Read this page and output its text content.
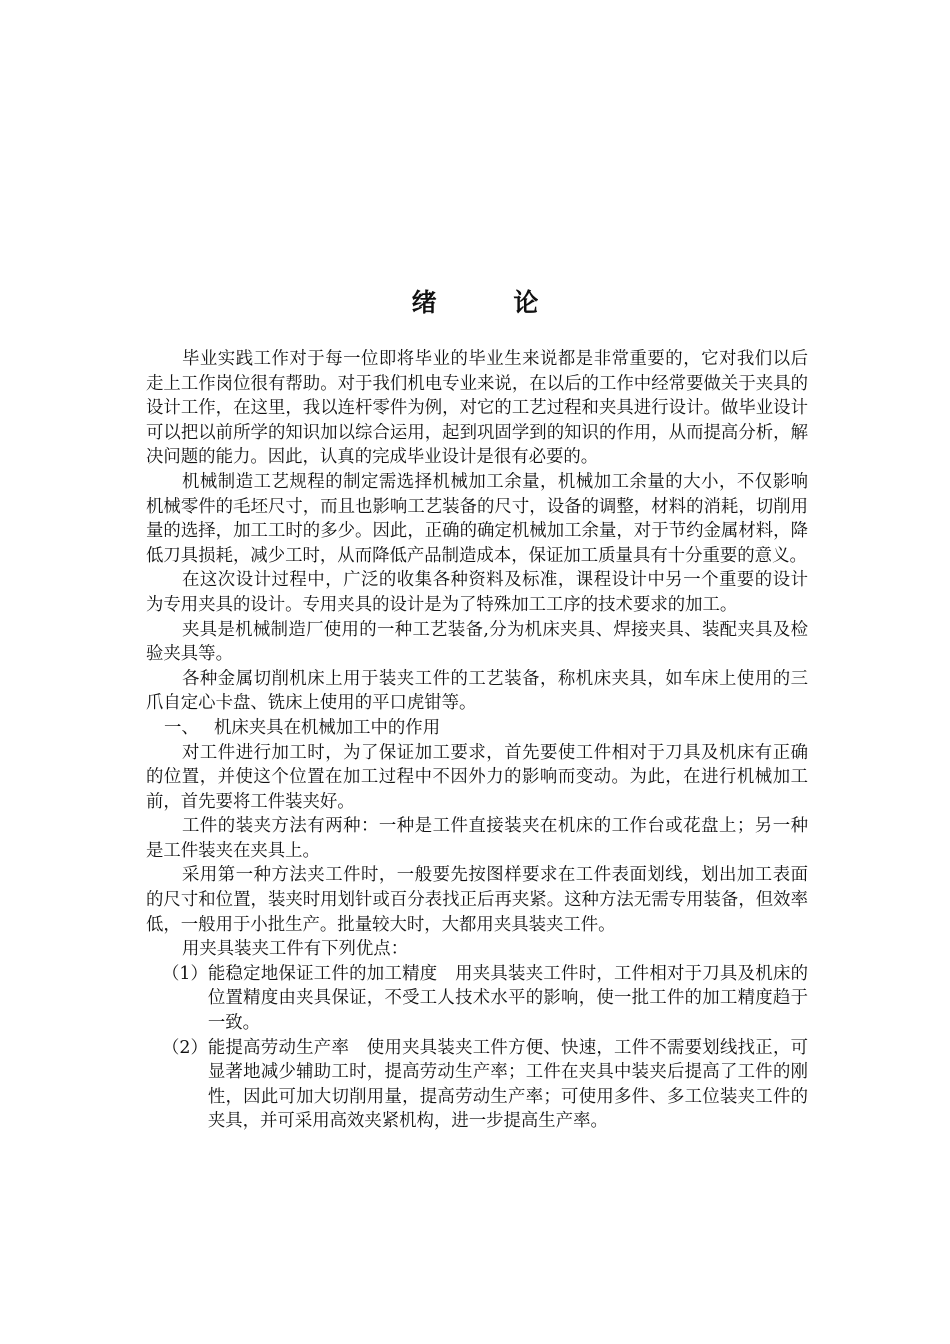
绪 论

毕业实践工作对于每一位即将毕业的毕业生来说都是非常重要的，它对我们以后走上工作岗位很有帮助。对于我们机电专业来说，在以后的工作中经常要做关于夹具的设计工作，在这里，我以连杆零件为例，对它的工艺过程和夹具进行设计。做毕业设计可以把以前所学的知识加以综合运用，起到巩固学到的知识的作用，从而提高分析，解决问题的能力。因此，认真的完成毕业设计是很有必要的。

机械制造工艺规程的制定需选择机械加工余量，机械加工余量的大小，不仅影响机械零件的毛坯尺寸，而且也影响工艺装备的尺寸，设备的调整，材料的消耗，切削用量的选择，加工工时的多少。因此，正确的确定机械加工余量，对于节约金属材料，降低刀具损耗，减少工时，从而降低产品制造成本，保证加工质量具有十分重要的意义。

在这次设计过程中，广泛的收集各种资料及标准，课程设计中另一个重要的设计为专用夹具的设计。专用夹具的设计是为了特殊加工工序的技术要求的加工。

夹具是机械制造厂使用的一种工艺装备,分为机床夹具、焊接夹具、装配夹具及检验夹具等。

各种金属切削机床上用于装夹工件的工艺装备，称机床夹具，如车床上使用的三爪自定心卡盘、铣床上使用的平口虎钳等。

一、 机床夹具在机械加工中的作用

对工件进行加工时，为了保证加工要求，首先要使工件相对于刀具及机床有正确的位置，并使这个位置在加工过程中不因外力的影响而变动。为此，在进行机械加工前，首先要将工件装夹好。

工件的装夹方法有两种：一种是工件直接装夹在机床的工作台或花盘上；另一种是工件装夹在夹具上。

采用第一种方法夹工件时，一般要先按图样要求在工件表面划线，划出加工表面的尺寸和位置，装夹时用划针或百分表找正后再夹紧。这种方法无需专用装备，但效率低，一般用于小批生产。批量较大时，大都用夹具装夹工件。

用夹具装夹工件有下列优点：

（1） 能稳定地保证工件的加工精度　用夹具装夹工件时，工件相对于刀具及机床的位置精度由夹具保证，不受工人技术水平的影响，使一批工件的加工精度趋于一致。
（2） 能提高劳动生产率　使用夹具装夹工件方便、快速，工件不需要划线找正，可显著地减少辅助工时，提高劳动生产率；工件在夹具中装夹后提高了工件的刚性，因此可加大切削用量，提高劳动生产率；可使用多件、多工位装夹工件的夹具，并可采用高效夹紧机构，进一步提高生产率。
